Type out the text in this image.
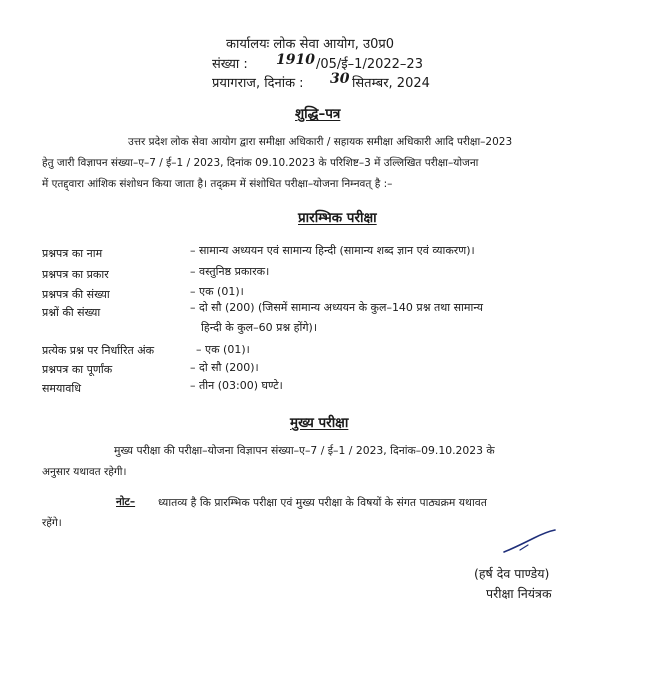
कार्यालयः लोक सेवा आयोग, उ0प्र0
संख्या : 1910 /05/ई–1/2022–23
प्रयागराज, दिनांक : 30 सितम्बर, 2024
शुद्धि–पत्र
उत्तर प्रदेश लोक सेवा आयोग द्वारा समीक्षा अधिकारी / सहायक समीक्षा अधिकारी आदि परीक्षा–2023
हेतु जारी विज्ञापन संख्या–ए–7 / ई–1 / 2023, दिनांक 09.10.2023 के परिशिष्ट–3 में उल्लिखित परीक्षा–योजना
में एतद्द्वारा आंशिक संशोधन किया जाता है। तद्क्रम में संशोधित परीक्षा–योजना निम्नवत् है :–
प्रारम्भिक परीक्षा
प्रश्नपत्र का नाम	– सामान्य अध्ययन एवं सामान्य हिन्दी (सामान्य शब्द ज्ञान एवं व्याकरण)।
प्रश्नपत्र का प्रकार	– वस्तुनिष्ठ प्रकारक।
प्रश्नपत्र की संख्या	– एक (01)।
प्रश्नों की संख्या	– दो सौ (200) (जिसमें सामान्य अध्ययन के कुल–140 प्रश्न तथा सामान्य
हिन्दी के कुल–60 प्रश्न होंगे)।
प्रत्येक प्रश्न पर निर्धारित अंक	– एक (01)।
प्रश्नपत्र का पूर्णांक	– दो सौ (200)।
समयावधि	– तीन (03:00) घण्टे।
मुख्य परीक्षा
मुख्य परीक्षा की परीक्षा–योजना विज्ञापन संख्या–ए–7 / ई–1 / 2023, दिनांक–09.10.2023 के
अनुसार यथावत रहेगी।
नोट– ध्यातव्य है कि प्रारम्भिक परीक्षा एवं मुख्य परीक्षा के विषयों के संगत पाठ्यक्रम यथावत
रहेंगे।
(हर्ष देव पाण्डेय)
परीक्षा नियंत्रक
